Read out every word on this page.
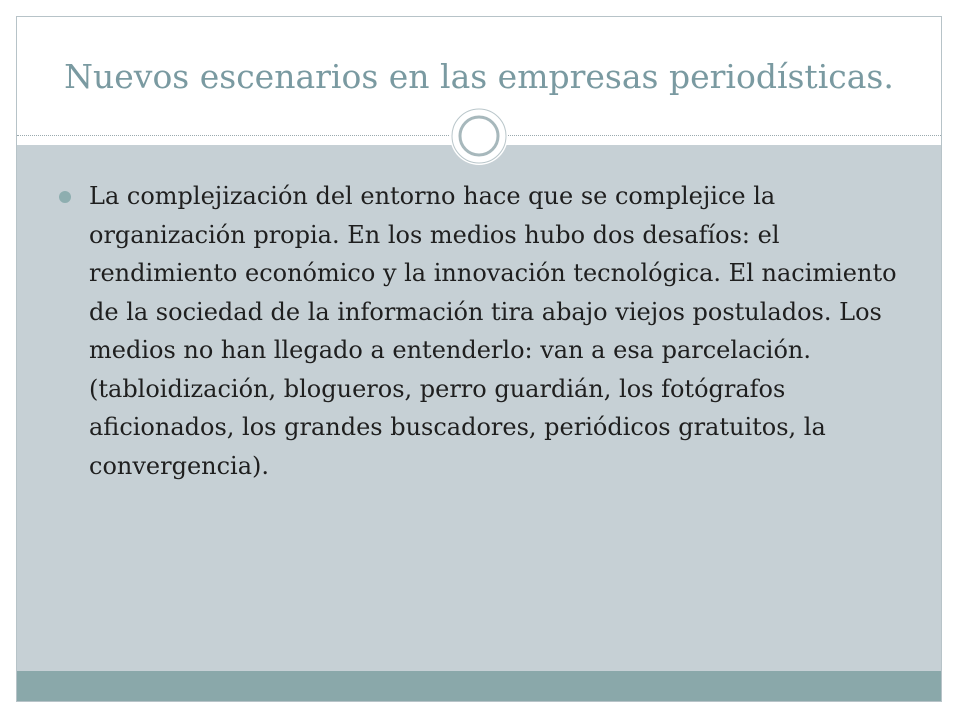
Nuevos escenarios en las empresas periodísticas.

La complejización del entorno hace que se complejice la organización propia. En los medios hubo dos desafíos: el rendimiento económico y la innovación tecnológica. El nacimiento de la sociedad de la información tira abajo viejos postulados. Los medios no han llegado a entenderlo: van a esa parcelación. (tabloidización, blogueros, perro guardián, los fotógrafos aficionados, los grandes buscadores, periódicos gratuitos, la convergencia).
